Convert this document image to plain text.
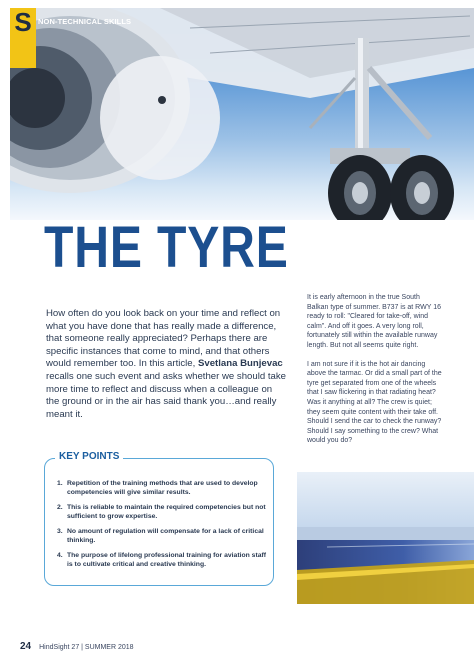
S NON-TECHNICAL SKILLS
THE TYRE
How often do you look back on your time and reflect on what you have done that has really made a difference, that someone really appreciated? Perhaps there are specific instances that come to mind, and that others would remember too. In this article, Svetlana Bunjevac recalls one such event and asks whether we should take more time to reflect and discuss when a colleague on the ground or in the air has said thank you…and really meant it.

It is early afternoon in the true South Balkan type of summer. B737 is at RWY 16 ready to roll: "Cleared for take-off, wind calm". And off it goes. A very long roll, fortunately still within the available runway length. But not all seems quite right.

I am not sure if it is the hot air dancing above the tarmac. Or did a small part of the tyre get separated from one of the wheels that I saw flickering in that radiating heat? Was it anything at all? The crew is quiet; they seem quite content with their take off. Should I send the car to check the runway? Should I say something to the crew? What would you do?

KEY POINTS
1. Repetition of the training methods that are used to develop competencies will give similar results.
2. This is reliable to maintain the required competencies but not sufficient to grow expertise.
3. No amount of regulation will compensate for a lack of critical thinking.
4. The purpose of lifelong professional training for aviation staff is to cultivate critical and creative thinking.
24 HindSight 27 | SUMMER 2018
